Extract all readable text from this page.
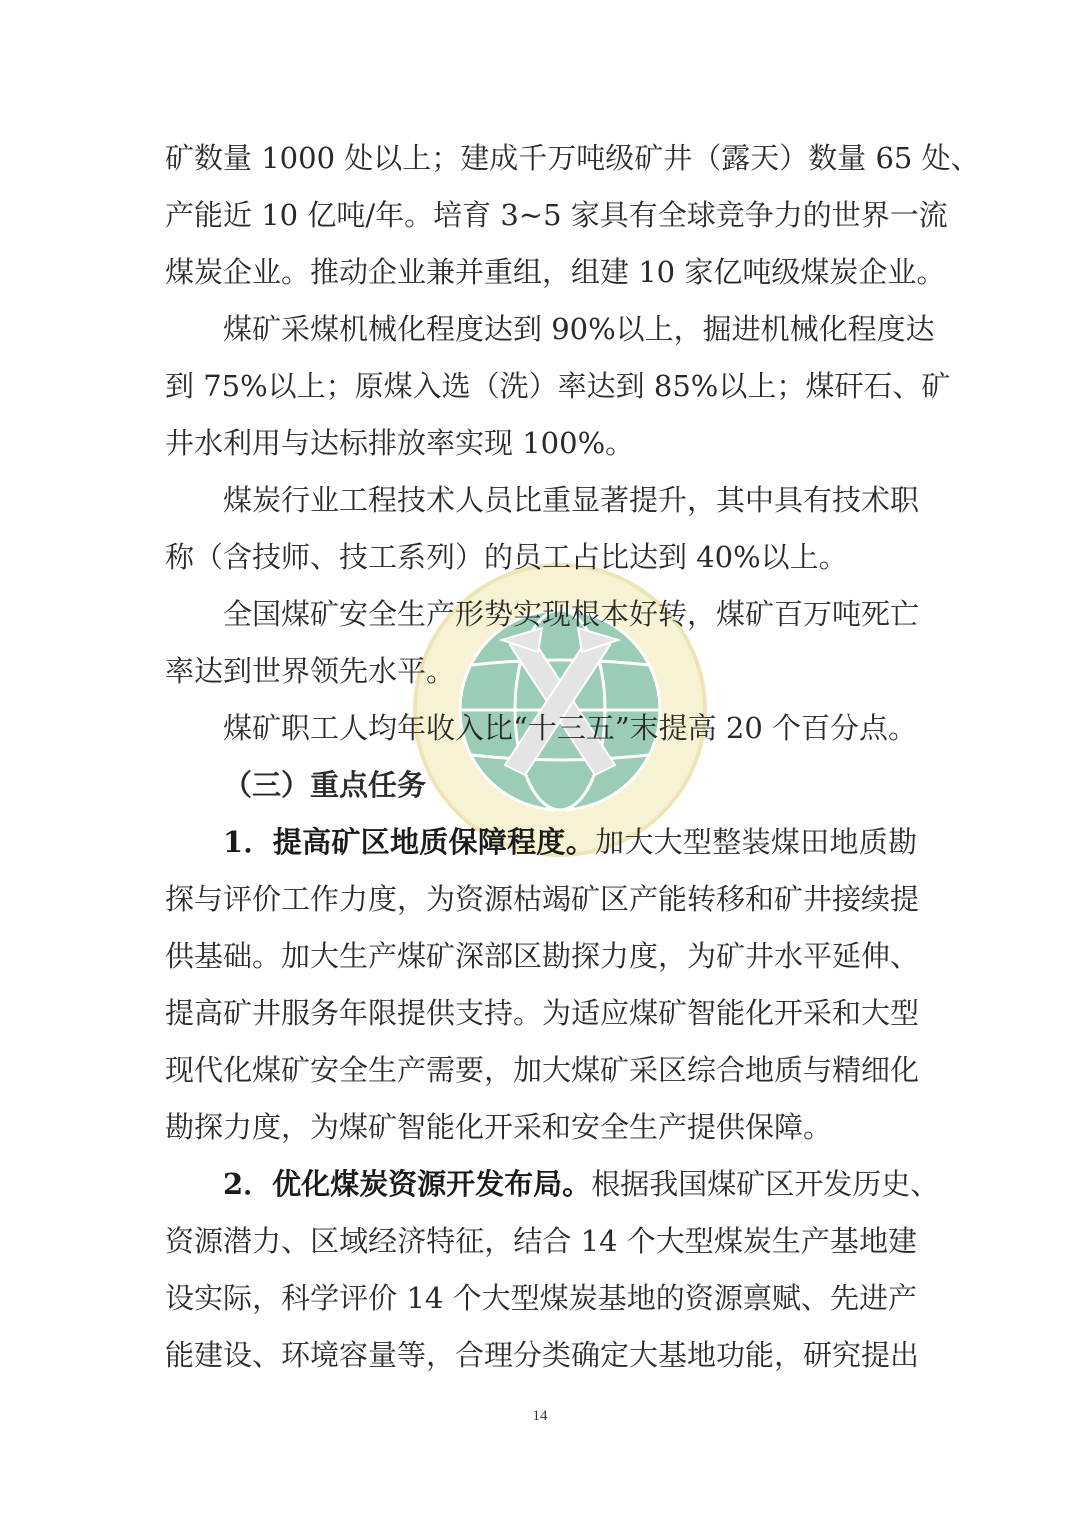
矿数量 1000 处以上；建成千万吨级矿井（露天）数量 65 处、
产能近 10 亿吨/年。培育 3~5 家具有全球竞争力的世界一流
煤炭企业。推动企业兼并重组，组建 10 家亿吨级煤炭企业。
煤矿采煤机械化程度达到 90%以上，掘进机械化程度达
到 75%以上；原煤入选（洗）率达到 85%以上；煤矸石、矿
井水利用与达标排放率实现 100%。
煤炭行业工程技术人员比重显著提升，其中具有技术职
称（含技师、技工系列）的员工占比达到 40%以上。
全国煤矿安全生产形势实现根本好转，煤矿百万吨死亡
率达到世界领先水平。
煤矿职工人均年收入比“十三五”末提高 20 个百分点。
（三）重点任务
1．提高矿区地质保障程度。加大大型整装煤田地质勘
探与评价工作力度，为资源枯竭矿区产能转移和矿井接续提
供基础。加大生产煤矿深部区勘探力度，为矿井水平延伸、
提高矿井服务年限提供支持。为适应煤矿智能化开采和大型
现代化煤矿安全生产需要，加大煤矿采区综合地质与精细化
勘探力度，为煤矿智能化开采和安全生产提供保障。
2．优化煤炭资源开发布局。根据我国煤矿区开发历史、
资源潜力、区域经济特征，结合 14 个大型煤炭生产基地建
设实际，科学评价 14 个大型煤炭基地的资源禀赋、先进产
能建设、环境容量等，合理分类确定大基地功能，研究提出
14
